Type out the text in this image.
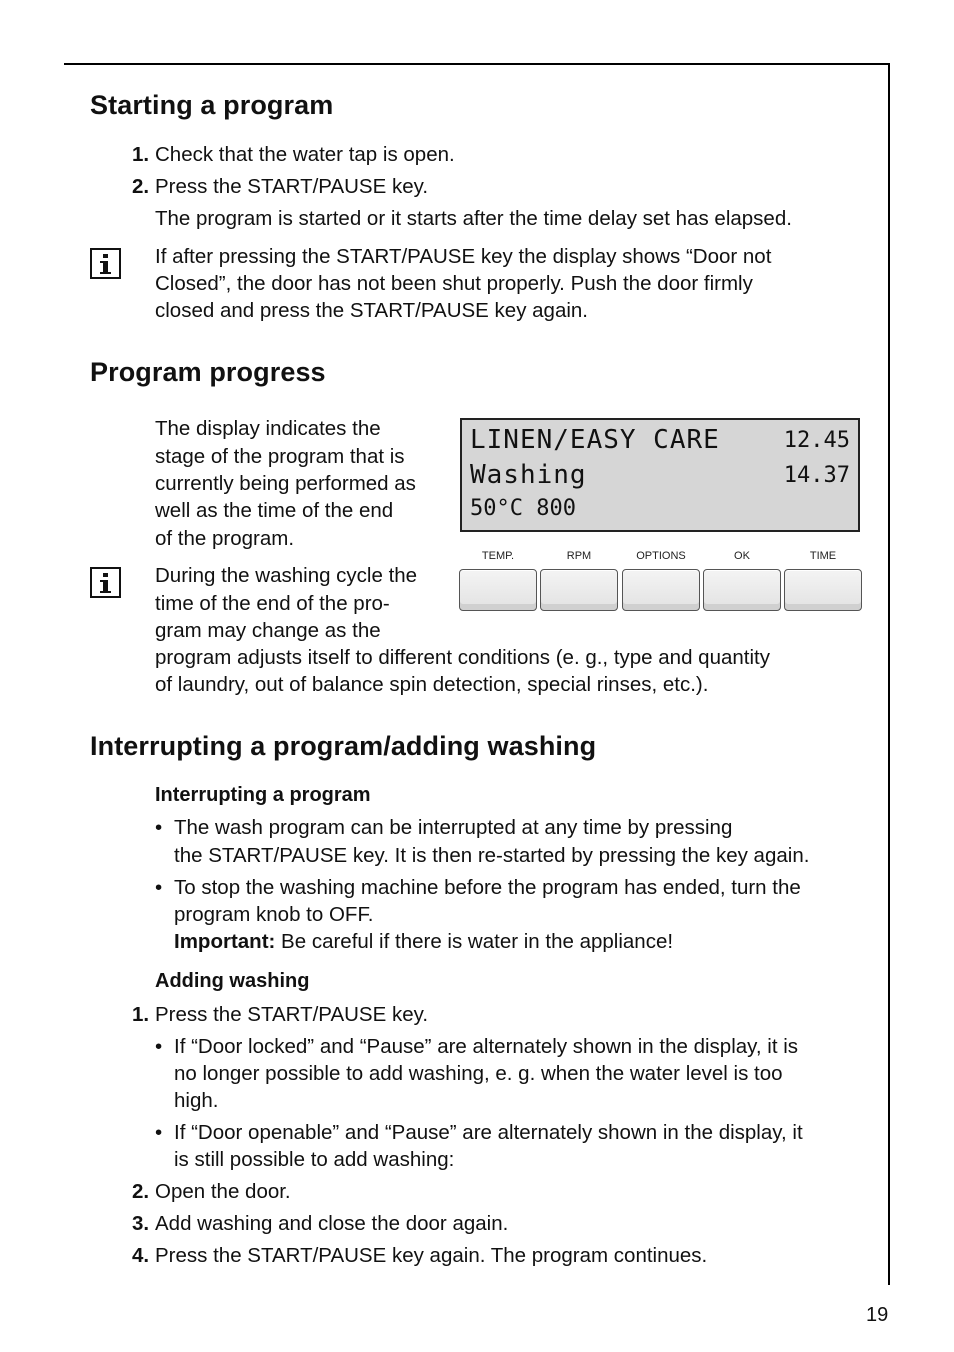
Starting a program
1. Check that the water tap is open.
2. Press the START/PAUSE key.
The program is started or it starts after the time delay set has elapsed.
If after pressing the START/PAUSE key the display shows “Door not
Closed”, the door has not been shut properly. Push the door firmly
closed and press the START/PAUSE key again.
Program progress
The display indicates the
stage of the program that is
currently being performed as
well as the time of the end
of the program.
During the washing cycle the
time of the end of the pro-
gram may change as the
program adjusts itself to different conditions (e. g., type and quantity
of laundry, out of balance spin detection, special rinses, etc.).
LINEN/EASY CARE	12.45
Washing	14.37
50°C 800
TEMP.	RPM	OPTIONS	OK	TIME
Interrupting a program/adding washing
Interrupting a program
• The wash program can be interrupted at any time by pressing
the START/PAUSE key. It is then re-started by pressing the key again.
• To stop the washing machine before the program has ended, turn the
program knob to OFF.
Important: Be careful if there is water in the appliance!
Adding washing
1. Press the START/PAUSE key.
• If “Door locked” and “Pause” are alternately shown in the display, it is
no longer possible to add washing, e. g. when the water level is too
high.
• If “Door openable” and “Pause” are alternately shown in the display, it
is still possible to add washing:
2. Open the door.
3. Add washing and close the door again.
4. Press the START/PAUSE key again. The program continues.
19
